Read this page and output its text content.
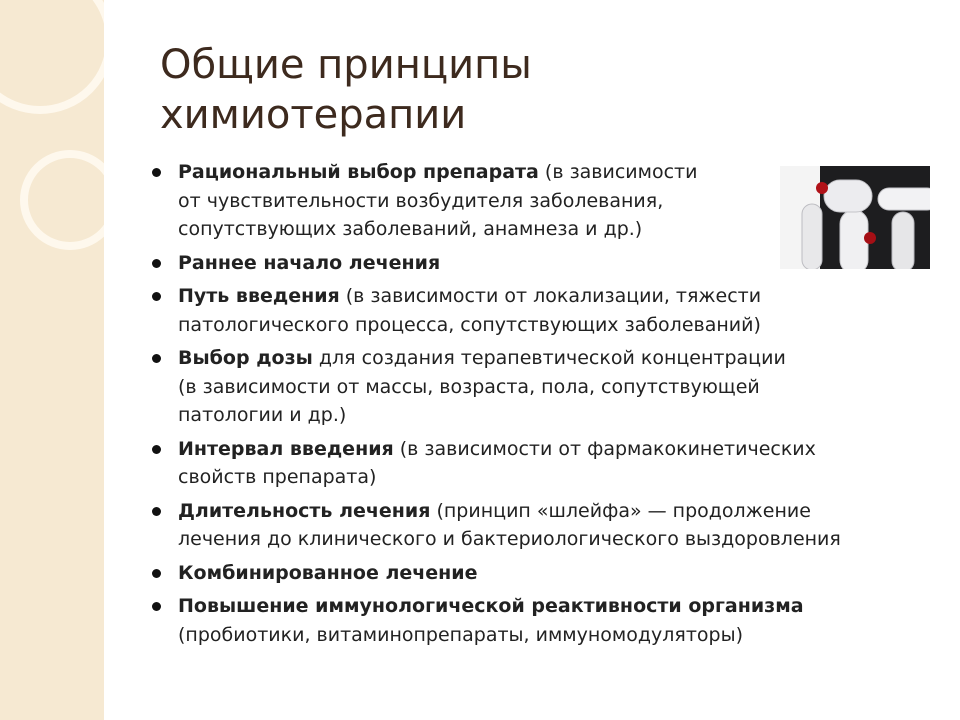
Общие принципы
химиотерапии
Рациональный выбор препарата (в зависимости
от чувствительности возбудителя заболевания,
сопутствующих заболеваний, анамнеза и др.)
Раннее начало лечения
Путь введения (в зависимости от локализации, тяжести
патологического процесса, сопутствующих заболеваний)
Выбор дозы для создания терапевтической концентрации
(в зависимости от массы, возраста, пола, сопутствующей
патологии и др.)
Интервал введения (в зависимости от фармакокинетических
свойств препарата)
Длительность лечения (принцип «шлейфа» — продолжение
лечения до клинического и бактериологического выздоровления
Комбинированное лечение
Повышение иммунологической реактивности организма
(пробиотики, витаминопрепараты, иммуномодуляторы)
